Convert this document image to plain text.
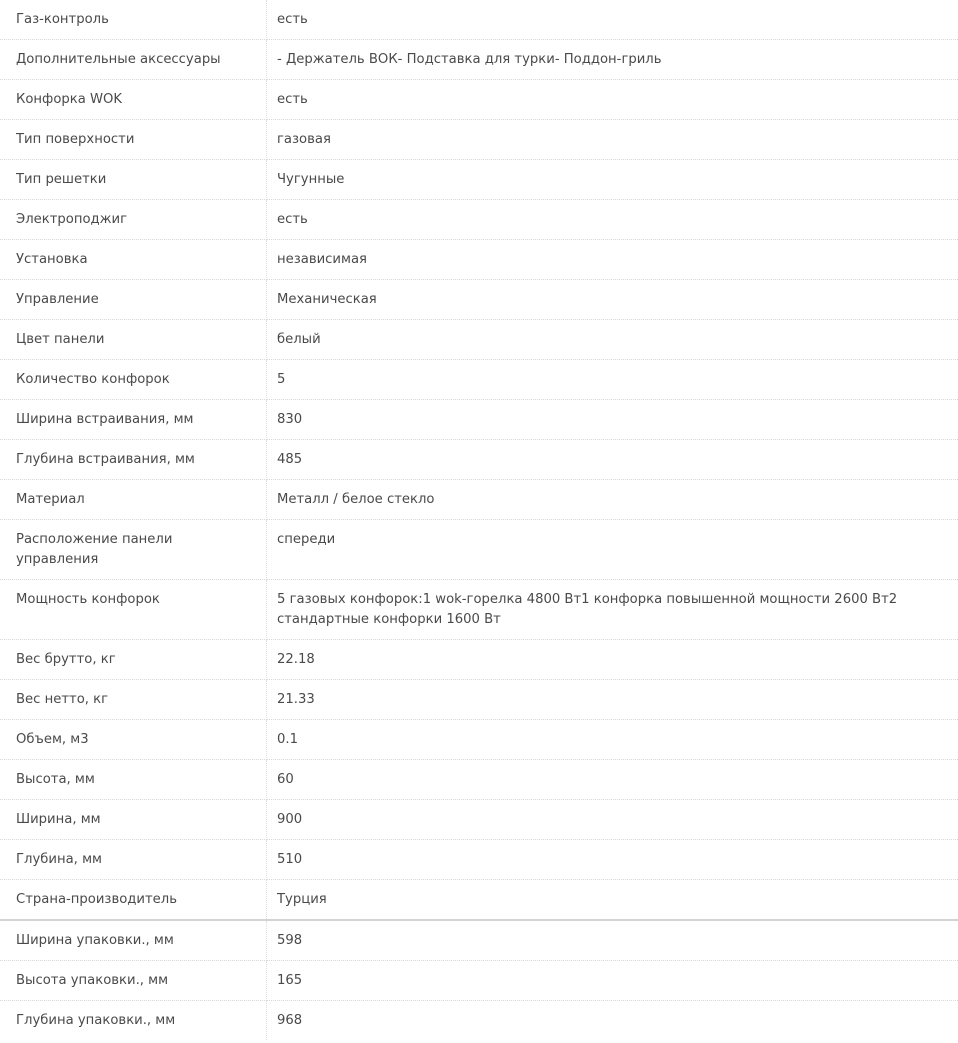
Газ-контроль	есть
Дополнительные аксессуары	- Держатель ВОК- Подставка для турки- Поддон-гриль
Конфорка WOK	есть
Тип поверхности	газовая
Тип решетки	Чугунные
Электроподжиг	есть
Установка	независимая
Управление	Механическая
Цвет панели	белый
Количество конфорок	5
Ширина встраивания, мм	830
Глубина встраивания, мм	485
Материал	Металл / белое стекло
Расположение панели управления	спереди
Мощность конфорок	5 газовых конфорок:1 wok-горелка 4800 Вт1 конфорка повышенной мощности 2600 Вт2 стандартные конфорки 1600 Вт
Вес брутто, кг	22.18
Вес нетто, кг	21.33
Объем, м3	0.1
Высота, мм	60
Ширина, мм	900
Глубина, мм	510
Страна-производитель	Турция
Ширина упаковки., мм	598
Высота упаковки., мм	165
Глубина упаковки., мм	968
